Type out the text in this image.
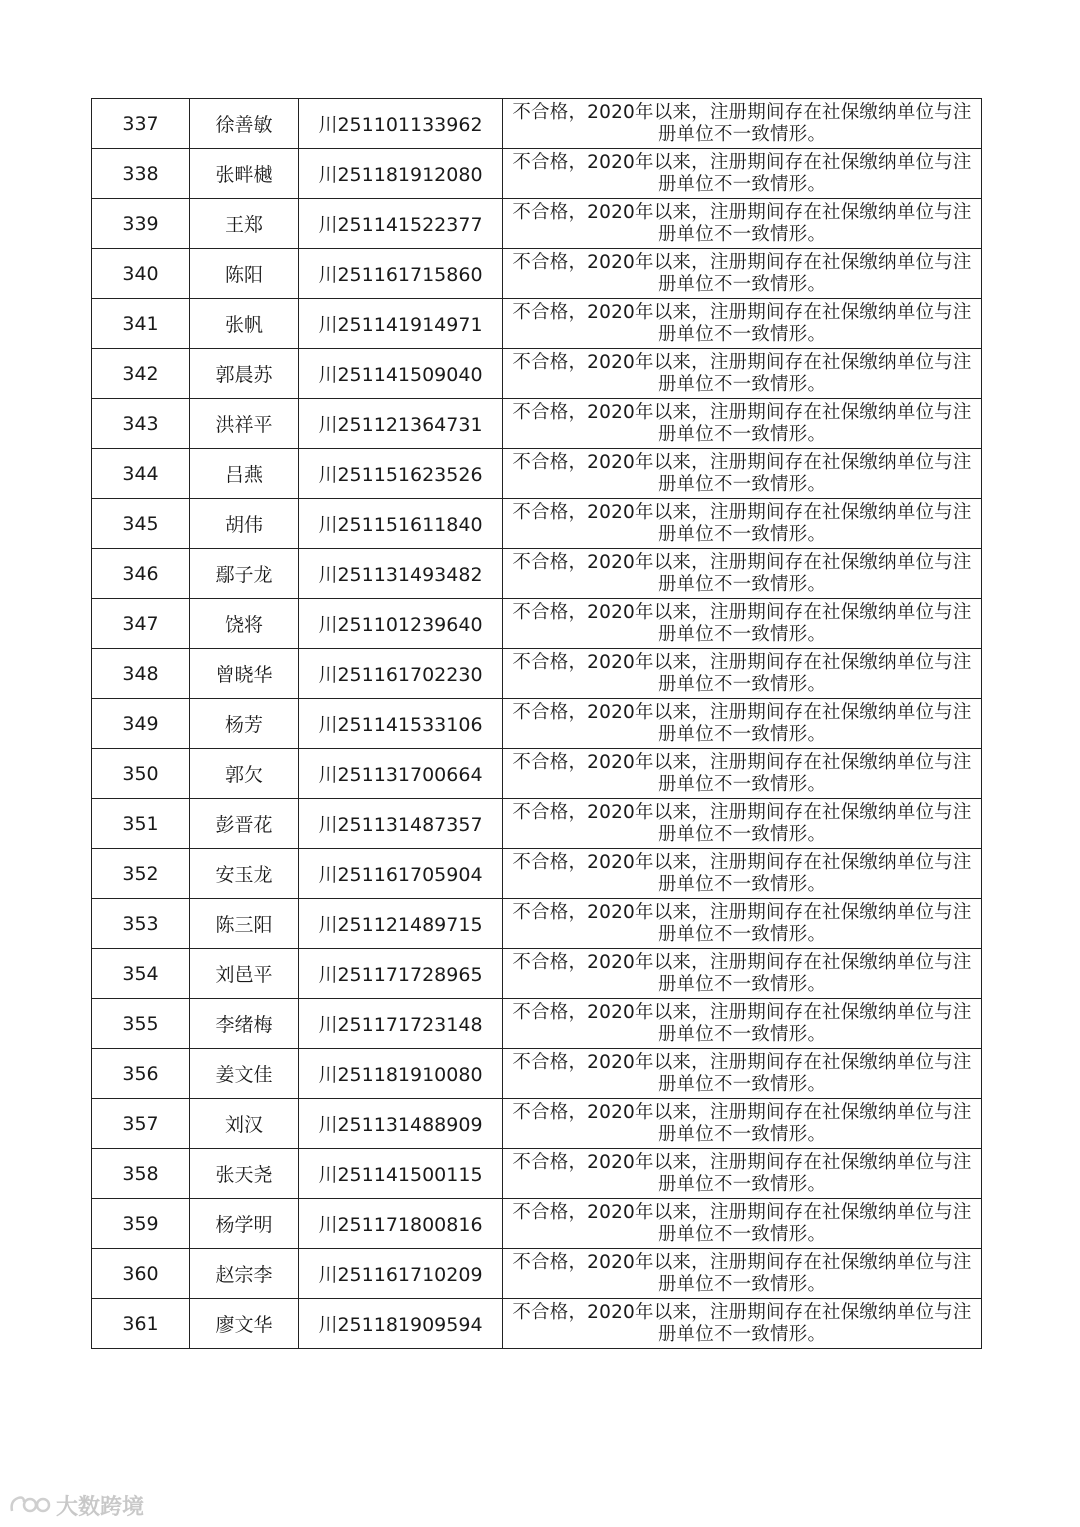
337	徐善敏	川251101133962	不合格，2020年以来，注册期间存在社保缴纳单位与注册单位不一致情形。
338	张畔樾	川251181912080	不合格，2020年以来，注册期间存在社保缴纳单位与注册单位不一致情形。
339	王郑	川251141522377	不合格，2020年以来，注册期间存在社保缴纳单位与注册单位不一致情形。
340	陈阳	川251161715860	不合格，2020年以来，注册期间存在社保缴纳单位与注册单位不一致情形。
341	张帆	川251141914971	不合格，2020年以来，注册期间存在社保缴纳单位与注册单位不一致情形。
342	郭晨苏	川251141509040	不合格，2020年以来，注册期间存在社保缴纳单位与注册单位不一致情形。
343	洪祥平	川251121364731	不合格，2020年以来，注册期间存在社保缴纳单位与注册单位不一致情形。
344	吕燕	川251151623526	不合格，2020年以来，注册期间存在社保缴纳单位与注册单位不一致情形。
345	胡伟	川251151611840	不合格，2020年以来，注册期间存在社保缴纳单位与注册单位不一致情形。
346	鄢子龙	川251131493482	不合格，2020年以来，注册期间存在社保缴纳单位与注册单位不一致情形。
347	饶将	川251101239640	不合格，2020年以来，注册期间存在社保缴纳单位与注册单位不一致情形。
348	曾晓华	川251161702230	不合格，2020年以来，注册期间存在社保缴纳单位与注册单位不一致情形。
349	杨芳	川251141533106	不合格，2020年以来，注册期间存在社保缴纳单位与注册单位不一致情形。
350	郭欠	川251131700664	不合格，2020年以来，注册期间存在社保缴纳单位与注册单位不一致情形。
351	彭晋花	川251131487357	不合格，2020年以来，注册期间存在社保缴纳单位与注册单位不一致情形。
352	安玉龙	川251161705904	不合格，2020年以来，注册期间存在社保缴纳单位与注册单位不一致情形。
353	陈三阳	川251121489715	不合格，2020年以来，注册期间存在社保缴纳单位与注册单位不一致情形。
354	刘邑平	川251171728965	不合格，2020年以来，注册期间存在社保缴纳单位与注册单位不一致情形。
355	李绪梅	川251171723148	不合格，2020年以来，注册期间存在社保缴纳单位与注册单位不一致情形。
356	姜文佳	川251181910080	不合格，2020年以来，注册期间存在社保缴纳单位与注册单位不一致情形。
357	刘汉	川251131488909	不合格，2020年以来，注册期间存在社保缴纳单位与注册单位不一致情形。
358	张天尧	川251141500115	不合格，2020年以来，注册期间存在社保缴纳单位与注册单位不一致情形。
359	杨学明	川251171800816	不合格，2020年以来，注册期间存在社保缴纳单位与注册单位不一致情形。
360	赵宗李	川251161710209	不合格，2020年以来，注册期间存在社保缴纳单位与注册单位不一致情形。
361	廖文华	川251181909594	不合格，2020年以来，注册期间存在社保缴纳单位与注册单位不一致情形。
大数跨境
